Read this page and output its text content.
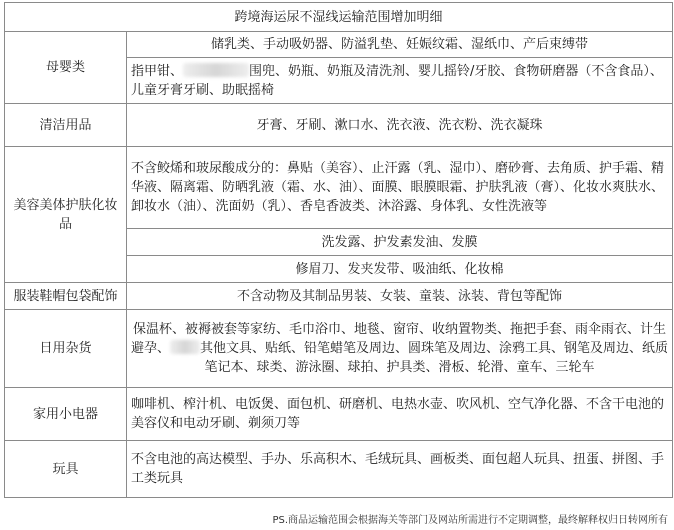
跨境海运尿不湿线运输范围增加明细	
母婴类	储乳类、手动吸奶器、防溢乳垫、妊娠纹霜、湿纸巾、产后束缚带
	指甲钳、 围兜、奶瓶、奶瓶及清洗剂、婴儿摇铃/牙胶、食物研磨器（不含食品）、儿童牙膏牙刷、助眠摇椅
清洁用品	牙膏、牙刷、漱口水、洗衣液、洗衣粉、洗衣凝珠
美容美体护肤化妆品	不含鲛烯和玻尿酸成分的：鼻贴（美容）、止汗露（乳、湿巾）、磨砂膏、去角质、护手霜、精华液、隔离霜、防晒乳液（霜、水、油）、面膜、眼膜眼霜、护肤乳液（膏）、化妆水爽肤水、卸妆水（油）、洗面奶（乳）、香皂香波类、沐浴露、身体乳、女性洗液等
	洗发露、护发素发油、发膜
	修眉刀、发夹发带、吸油纸、化妆棉
服装鞋帽包袋配饰	不含动物及其制品男装、女装、童装、泳装、背包等配饰
日用杂货	保温杯、被褥被套等家纺、毛巾浴巾、地毯、窗帘、收纳置物类、拖把手套、雨伞雨衣、计生避孕、 其他文具、贴纸、铅笔蜡笔及周边、圆珠笔及周边、涂鸦工具、钢笔及周边、纸质笔记本、球类、游泳圈、球拍、护具类、滑板、轮滑、童车、三轮车
家用小电器	咖啡机、榨汁机、电饭煲、面包机、研磨机、电热水壶、吹风机、空气净化器、不含干电池的美容仪和电动牙刷、剃须刀等
玩具	不含电池的高达模型、手办、乐高积木、毛绒玩具、画板类、面包超人玩具、扭蛋、拼图、手工类玩具

PS.商品运输范围会根据海关等部门及网站所需进行不定期调整，最终解释权归日转网所有
